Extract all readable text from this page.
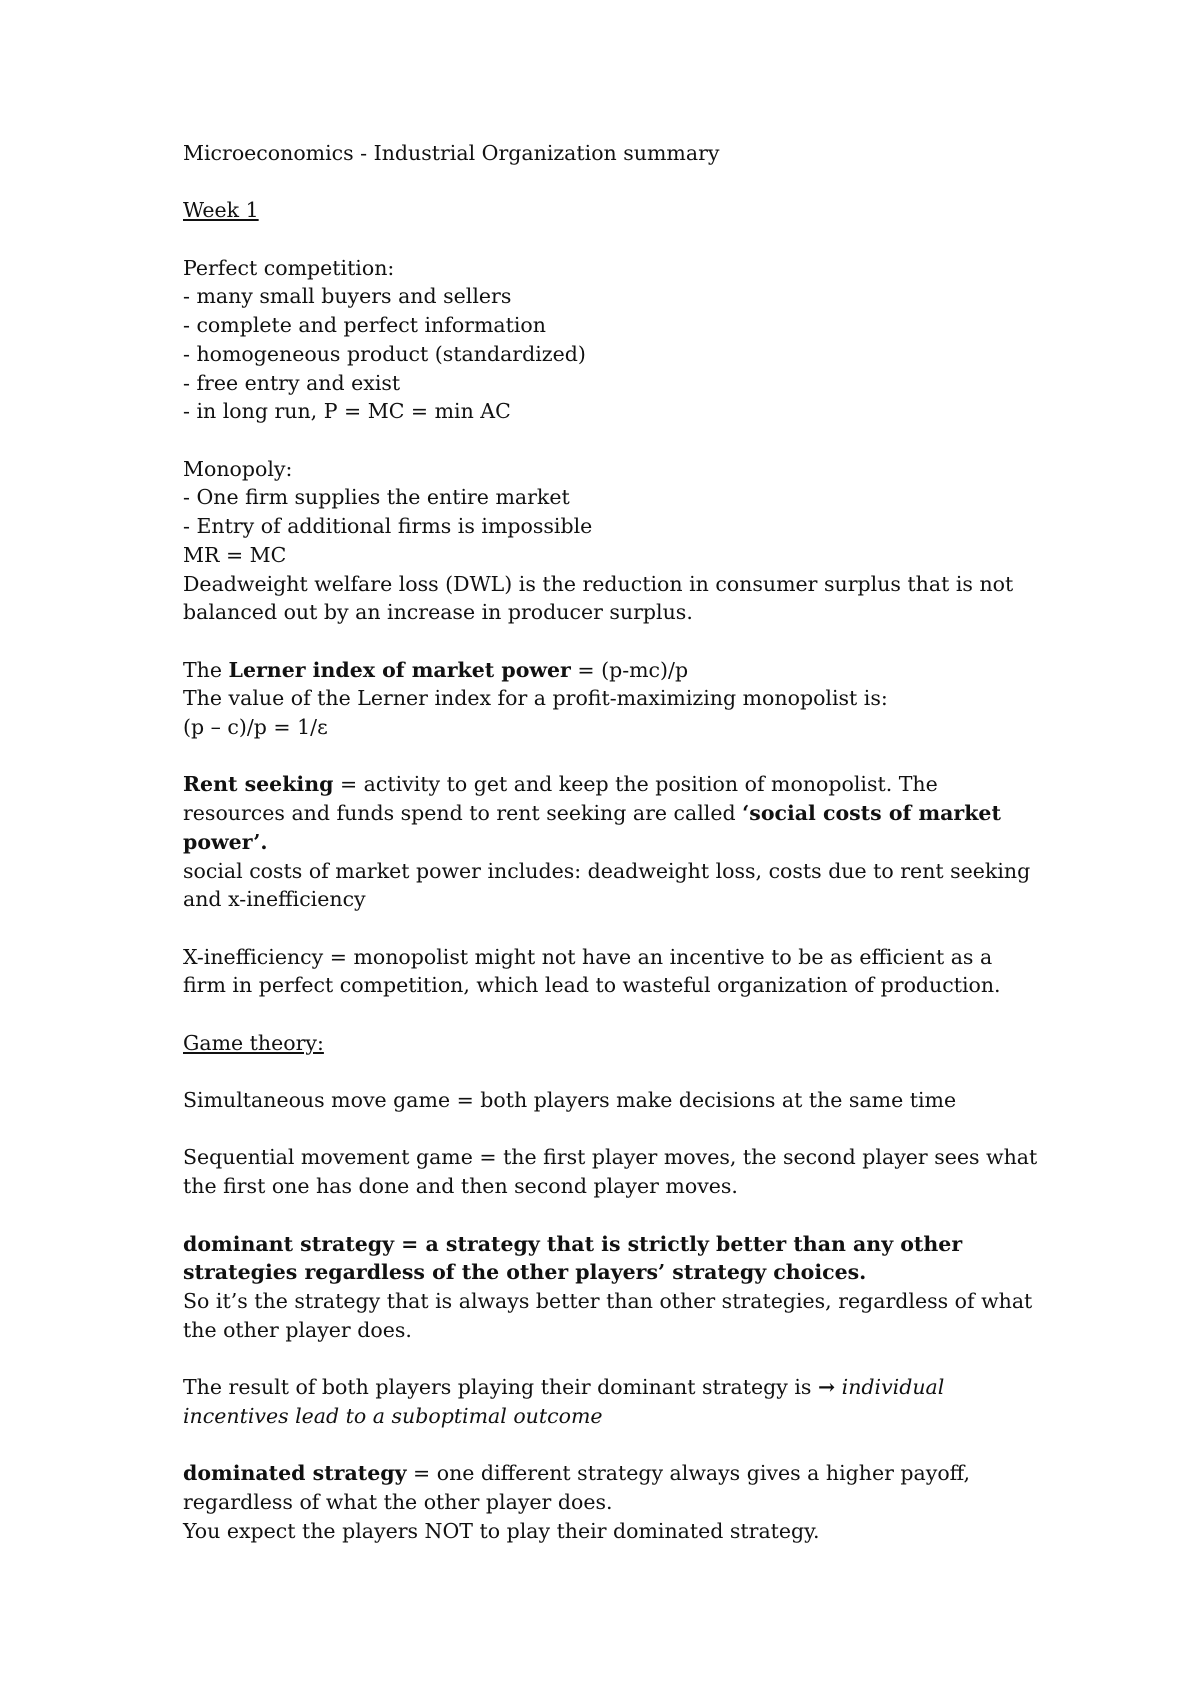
Microeconomics - Industrial Organization summary
Week 1
Perfect competition:
- many small buyers and sellers
- complete and perfect information
- homogeneous product (standardized)
- free entry and exist
- in long run, P = MC = min AC
Monopoly:
- One firm supplies the entire market
- Entry of additional firms is impossible
MR = MC
Deadweight welfare loss (DWL) is the reduction in consumer surplus that is not
balanced out by an increase in producer surplus.
The Lerner index of market power = (p-mc)/p
The value of the Lerner index for a profit-maximizing monopolist is:
(p – c)/p = 1/ε
Rent seeking = activity to get and keep the position of monopolist. The
resources and funds spend to rent seeking are called ‘social costs of market
power’.
social costs of market power includes: deadweight loss, costs due to rent seeking
and x-inefficiency
X-inefficiency = monopolist might not have an incentive to be as efficient as a
firm in perfect competition, which lead to wasteful organization of production.
Game theory:
Simultaneous move game = both players make decisions at the same time
Sequential movement game = the first player moves, the second player sees what
the first one has done and then second player moves.
dominant strategy = a strategy that is strictly better than any other
strategies regardless of the other players’ strategy choices.
So it’s the strategy that is always better than other strategies, regardless of what
the other player does.
The result of both players playing their dominant strategy is → individual
incentives lead to a suboptimal outcome
dominated strategy = one different strategy always gives a higher payoff,
regardless of what the other player does.
You expect the players NOT to play their dominated strategy.
